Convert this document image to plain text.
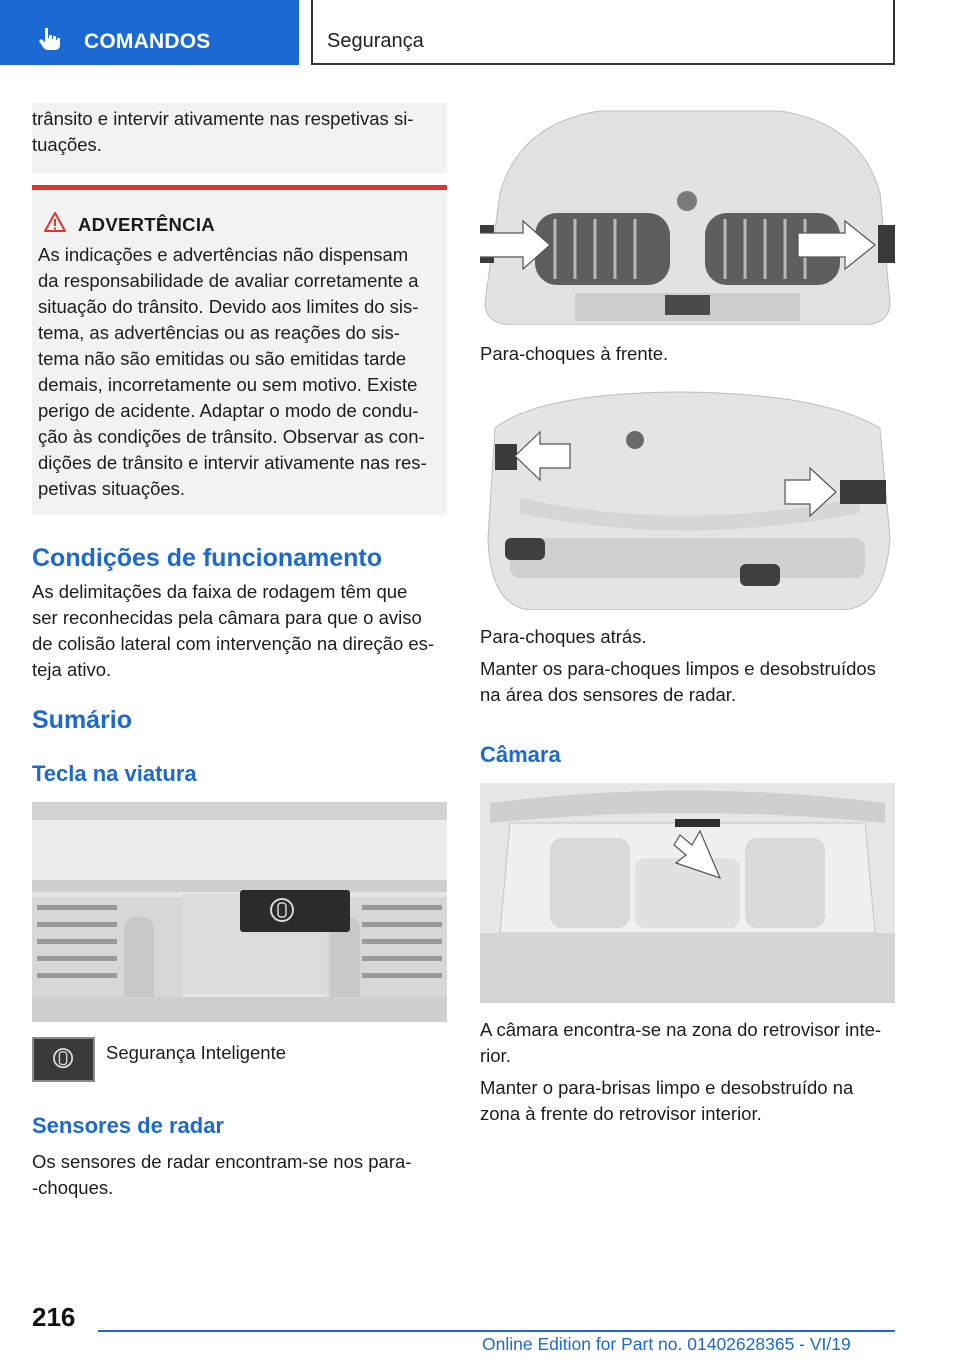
COMANDOS	Segurança
trânsito e intervir ativamente nas respetivas si-
tuações.
ADVERTÊNCIA
As indicações e advertências não dispensam
da responsabilidade de avaliar corretamente a
situação do trânsito. Devido aos limites do sis-
tema, as advertências ou as reações do sis-
tema não são emitidas ou são emitidas tarde
demais, incorretamente ou sem motivo. Existe
perigo de acidente. Adaptar o modo de condu-
ção às condições de trânsito. Observar as con-
dições de trânsito e intervir ativamente nas res-
petivas situações.
Condições de funcionamento
As delimitações da faixa de rodagem têm que
ser reconhecidas pela câmara para que o aviso
de colisão lateral com intervenção na direção es-
teja ativo.
Sumário
Tecla na viatura
Segurança Inteligente
Sensores de radar
Os sensores de radar encontram-se nos para-
-choques.
Para-choques à frente.
Para-choques atrás.
Manter os para-choques limpos e desobstruídos
na área dos sensores de radar.
Câmara
A câmara encontra-se na zona do retrovisor inte-
rior.
Manter o para-brisas limpo e desobstruído na
zona à frente do retrovisor interior.
216
Online Edition for Part no. 01402628365 - VI/19
